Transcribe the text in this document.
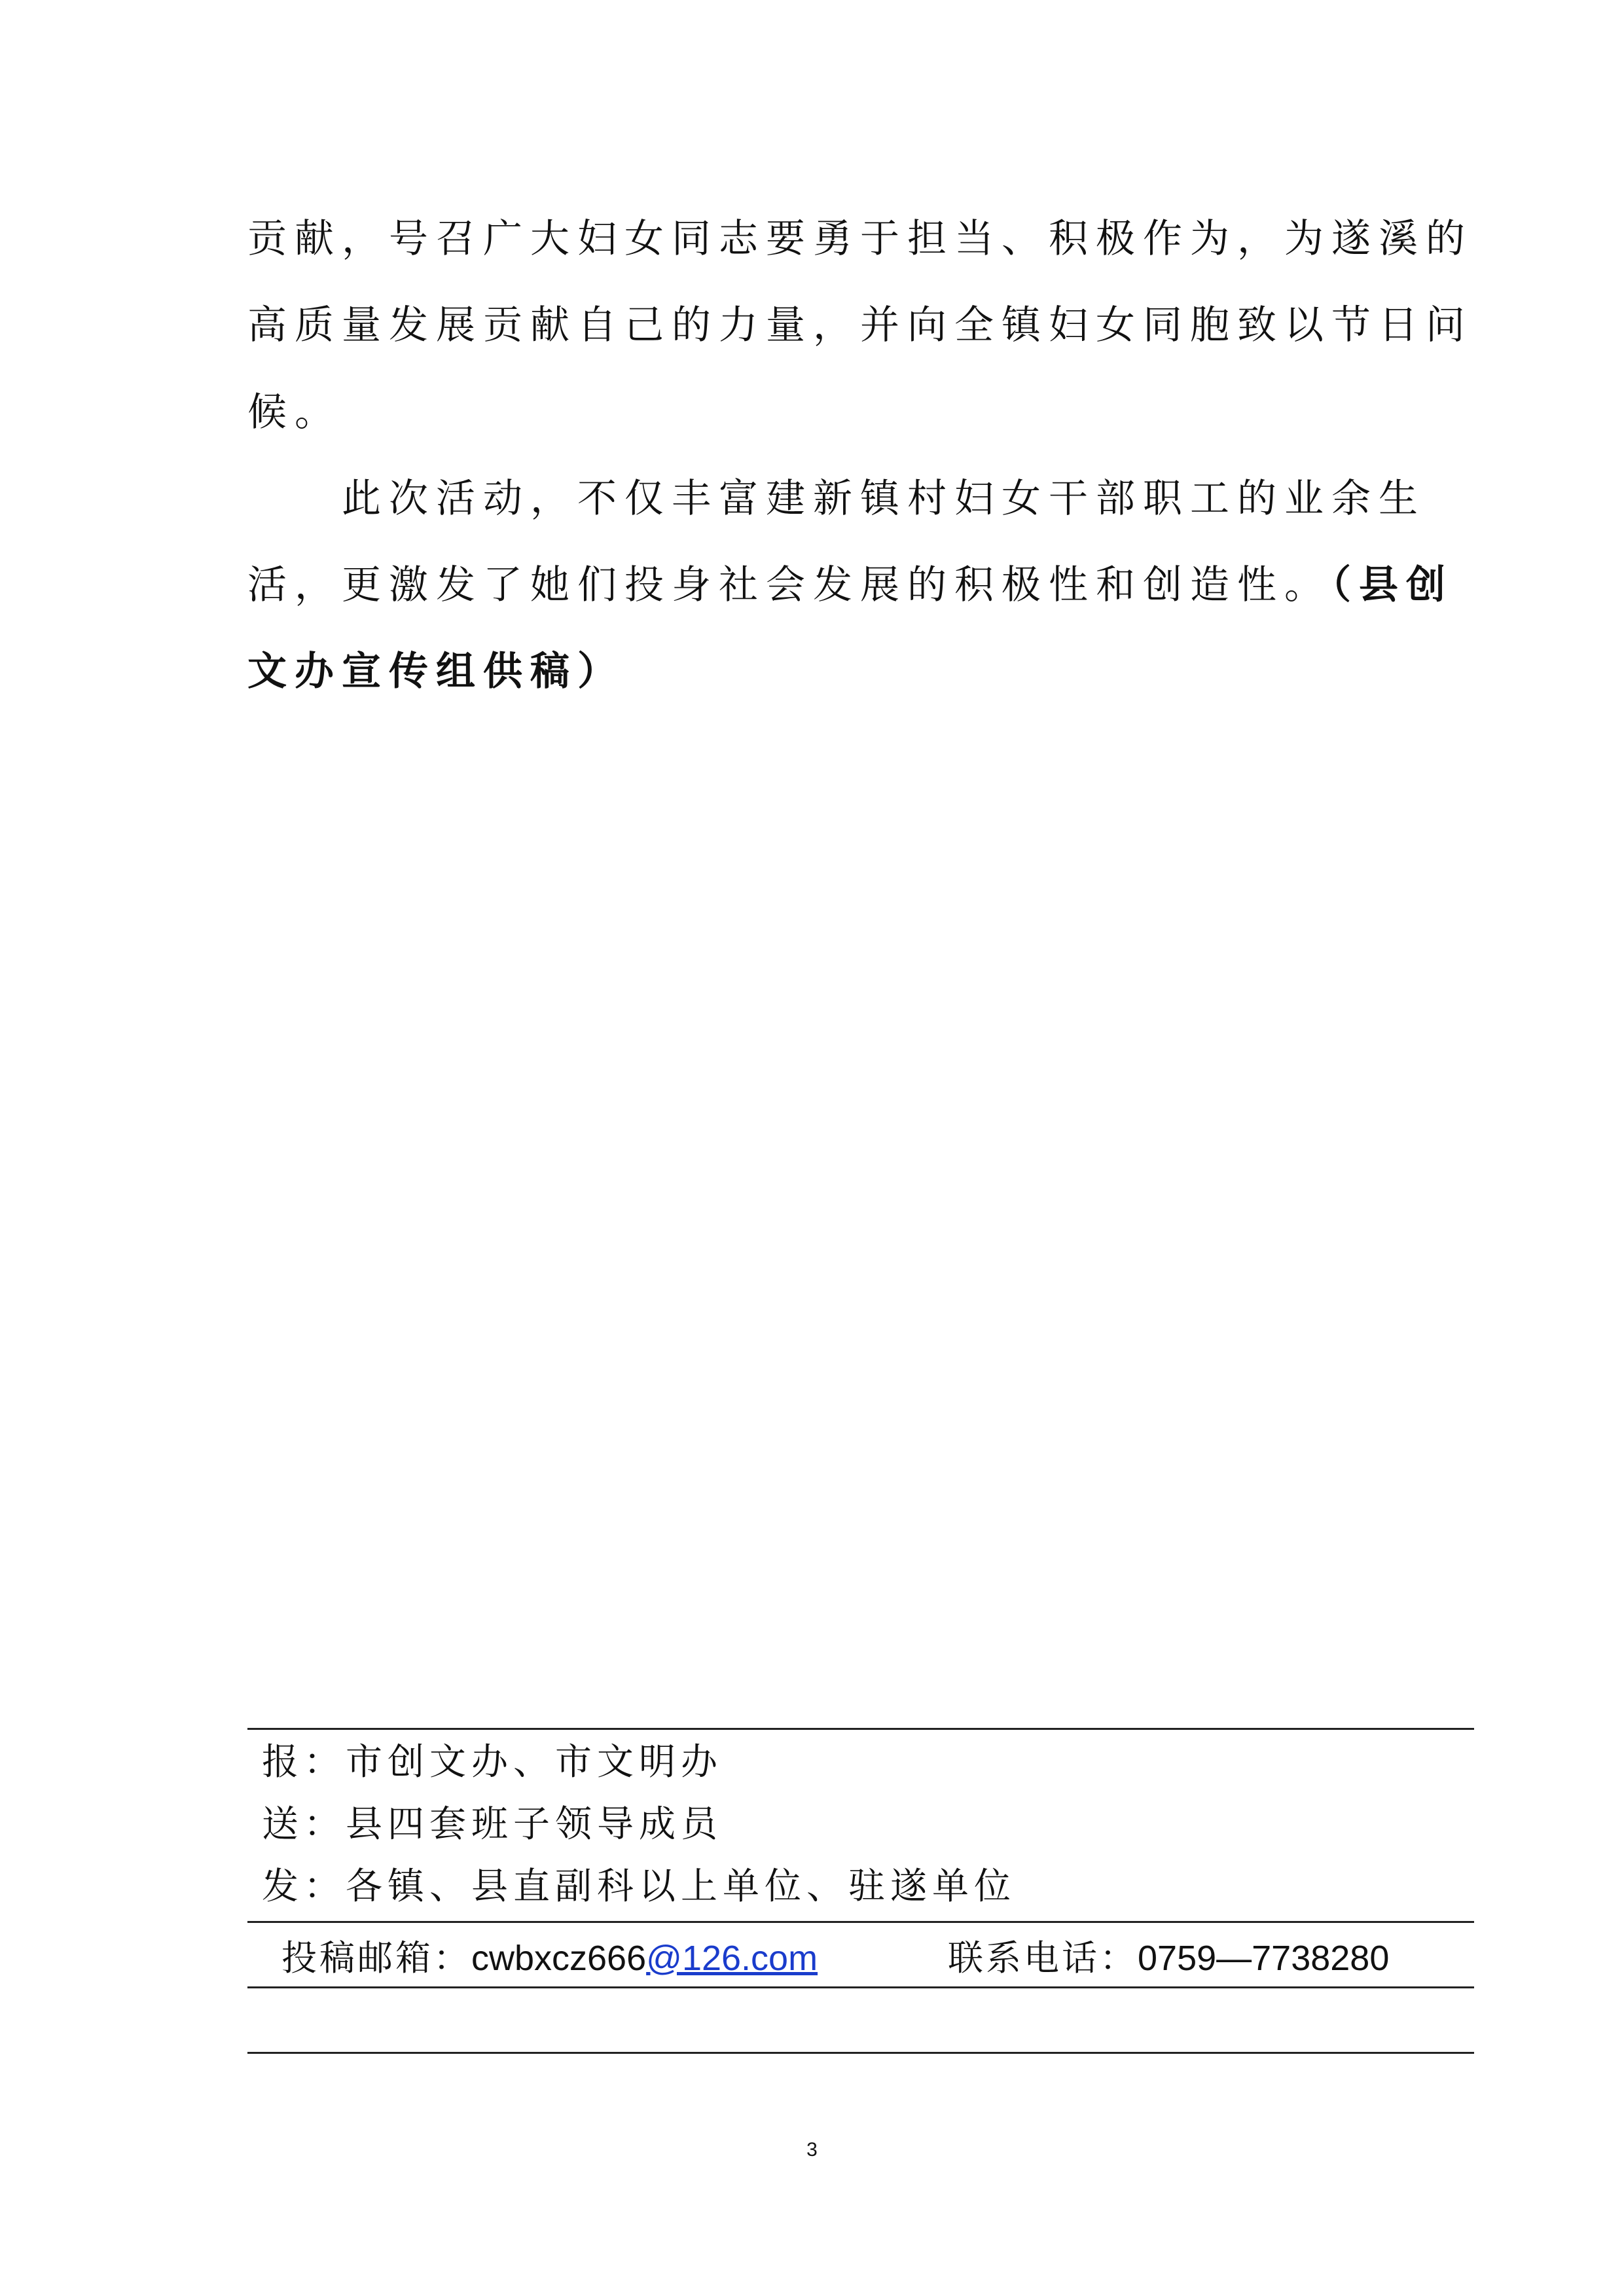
贡献，号召广大妇女同志要勇于担当、积极作为，为遂溪的
高质量发展贡献自己的力量，并向全镇妇女同胞致以节日问
候。
　　此次活动，不仅丰富建新镇村妇女干部职工的业余生
活，更激发了她们投身社会发展的积极性和创造性。（县创
文办宣传组供稿）
报：市创文办、市文明办
送：县四套班子领导成员
发：各镇、县直副科以上单位、驻遂单位
投稿邮箱：cwbxcz666@126.com	联系电话：0759—7738280
3
